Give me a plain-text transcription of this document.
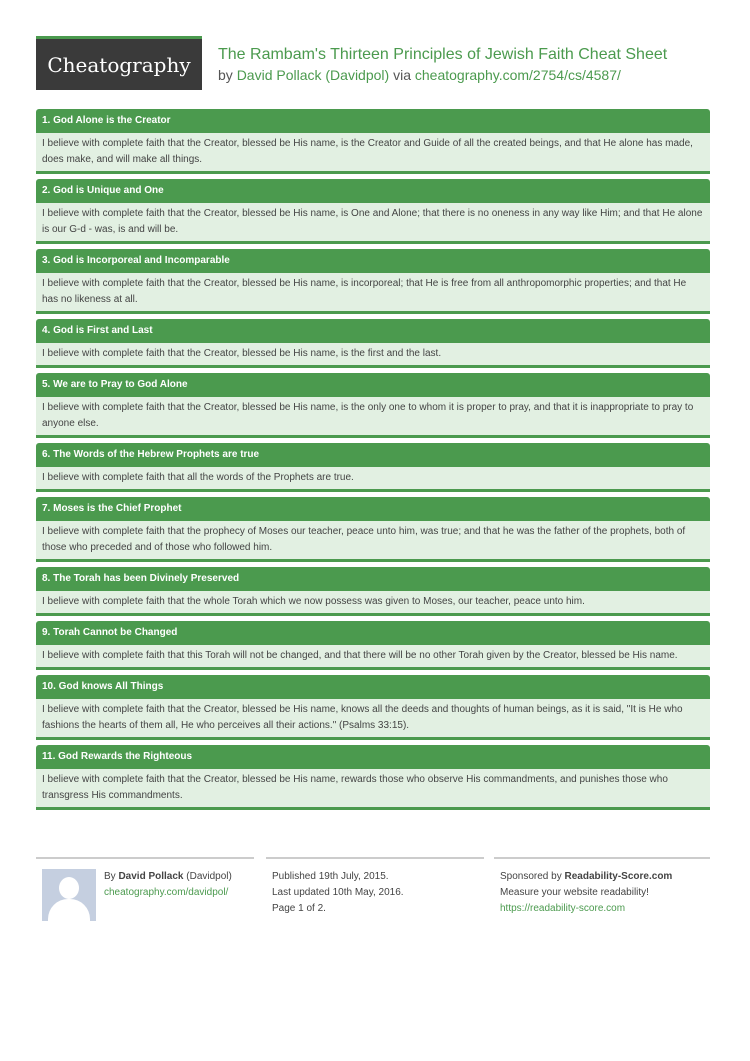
Cheatography The Rambam's Thirteen Principles of Jewish Faith Cheat Sheet
by David Pollack (Davidpol) via cheatography.com/2754/cs/4587/
1. God Alone is the Creator
I believe with complete faith that the Creator, blessed be His name, is the Creator and Guide of all the created beings, and that He alone has made, does make, and will make all things.
2. God is Unique and One
I believe with complete faith that the Creator, blessed be His name, is One and Alone; that there is no oneness in any way like Him; and that He alone is our G-d - was, is and will be.
3. God is Incorporeal and Incomparable
I believe with complete faith that the Creator, blessed be His name, is incorporeal; that He is free from all anthropomorphic properties; and that He has no likeness at all.
4. God is First and Last
I believe with complete faith that the Creator, blessed be His name, is the first and the last.
5. We are to Pray to God Alone
I believe with complete faith that the Creator, blessed be His name, is the only one to whom it is proper to pray, and that it is inappropriate to pray to anyone else.
6. The Words of the Hebrew Prophets are true
I believe with complete faith that all the words of the Prophets are true.
7. Moses is the Chief Prophet
I believe with complete faith that the prophecy of Moses our teacher, peace unto him, was true; and that he was the father of the prophets, both of those who preceded and of those who followed him.
8. The Torah has been Divinely Preserved
I believe with complete faith that the whole Torah which we now possess was given to Moses, our teacher, peace unto him.
9. Torah Cannot be Changed
I believe with complete faith that this Torah will not be changed, and that there will be no other Torah given by the Creator, blessed be His name.
10. God knows All Things
I believe with complete faith that the Creator, blessed be His name, knows all the deeds and thoughts of human beings, as it is said, "It is He who fashions the hearts of them all, He who perceives all their actions." (Psalms 33:15).
11. God Rewards the Righteous
I believe with complete faith that the Creator, blessed be His name, rewards those who observe His commandments, and punishes those who transgress His commandments.
By David Pollack (Davidpol)
cheatography.com/davidpol/
Published 19th July, 2015.
Last updated 10th May, 2016.
Page 1 of 2.
Sponsored by Readability-Score.com
Measure your website readability!
https://readability-score.com
